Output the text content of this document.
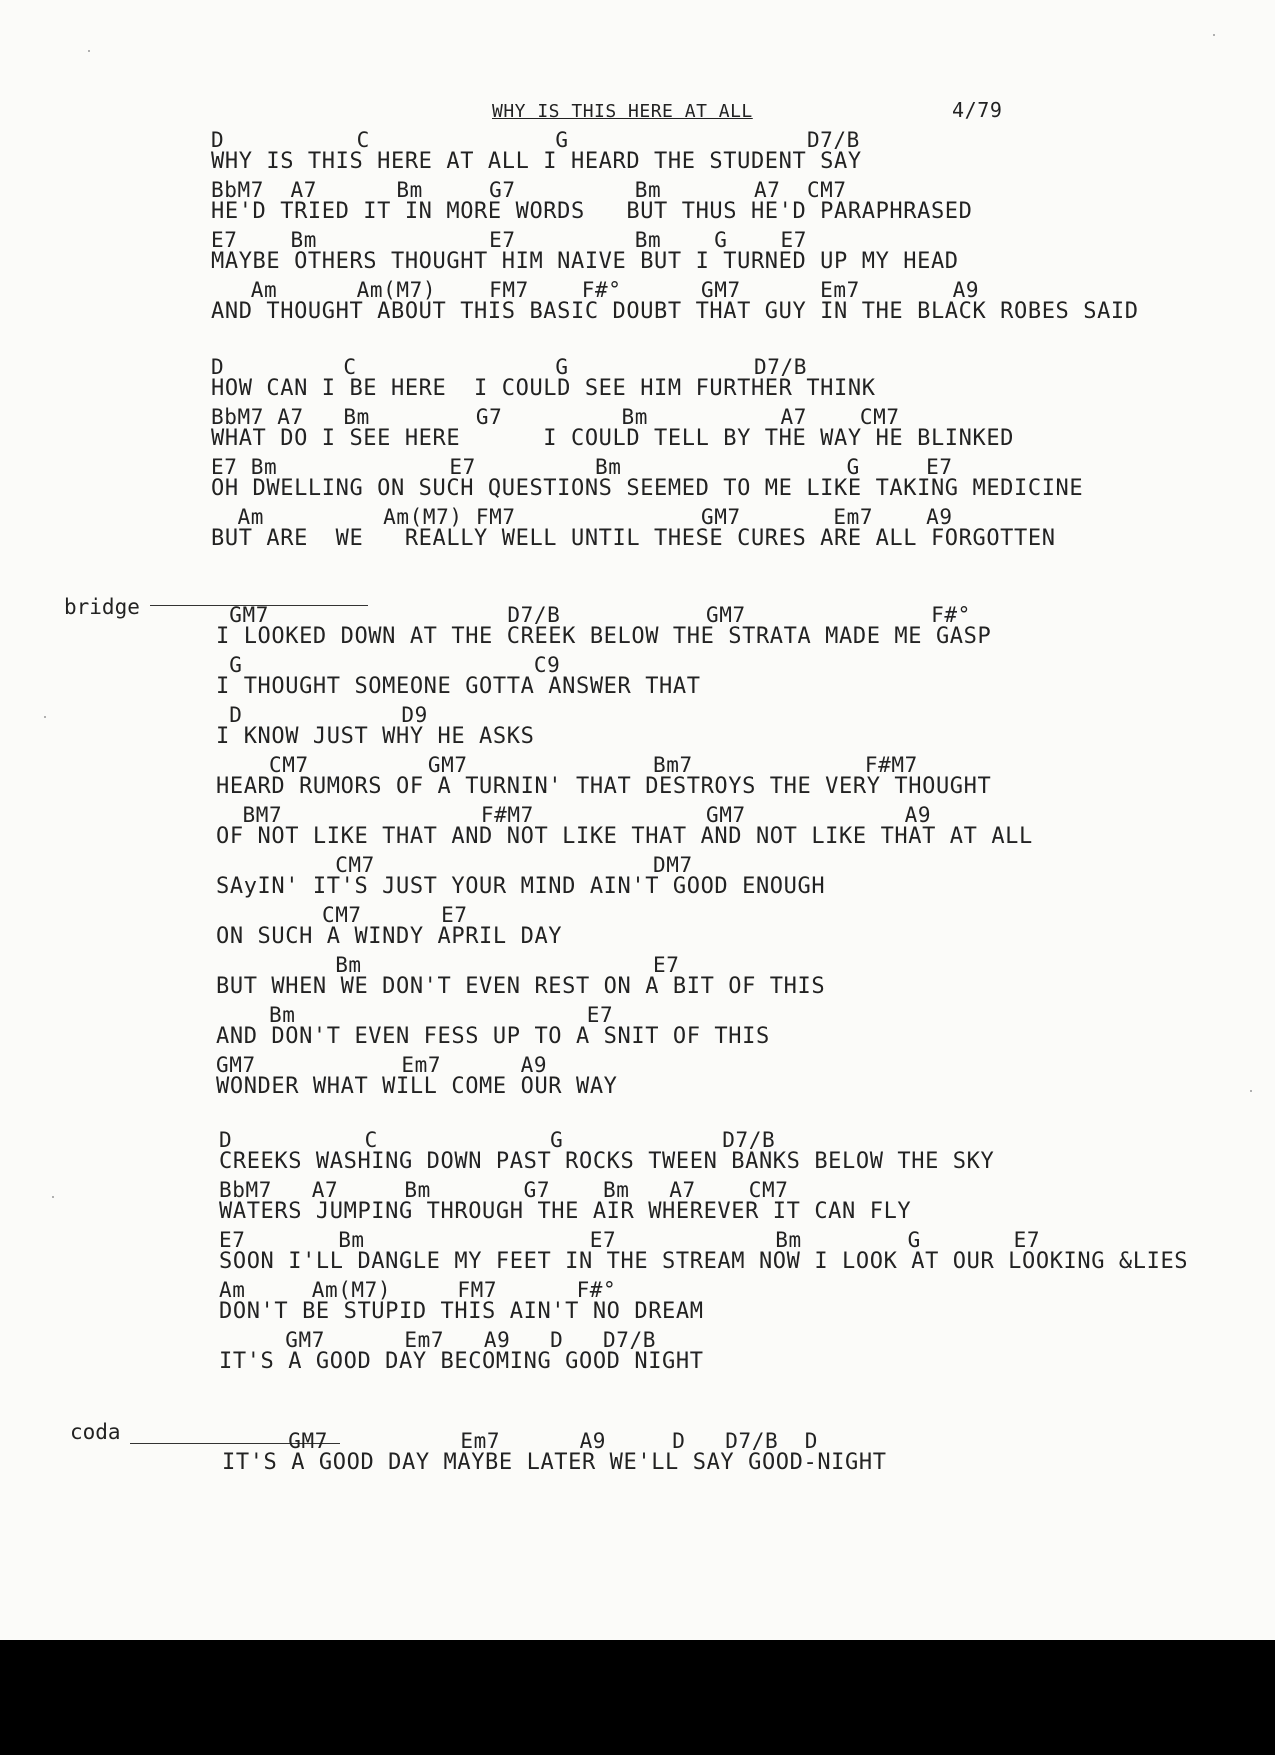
WHY IS THIS HERE AT ALL	4/79
bridge
coda
D          C              G                  D7/B
WHY IS THIS HERE AT ALL I HEARD THE STUDENT SAY
BbM7  A7      Bm     G7         Bm       A7  CM7
HE'D TRIED IT IN MORE WORDS   BUT THUS HE'D PARAPHRASED
E7    Bm             E7         Bm    G    E7
MAYBE OTHERS THOUGHT HIM NAIVE BUT I TURNED UP MY HEAD
Am      Am(M7)    FM7    F#°      GM7      Em7       A9
AND THOUGHT ABOUT THIS BASIC DOUBT THAT GUY IN THE BLACK ROBES SAID
D         C               G              D7/B
HOW CAN I BE HERE  I COULD SEE HIM FURTHER THINK
BbM7 A7   Bm        G7         Bm          A7    CM7
WHAT DO I SEE HERE      I COULD TELL BY THE WAY HE BLINKED
E7 Bm             E7         Bm                 G     E7
OH DWELLING ON SUCH QUESTIONS SEEMED TO ME LIKE TAKING MEDICINE
Am         Am(M7) FM7              GM7       Em7    A9
BUT ARE  WE   REALLY WELL UNTIL THESE CURES ARE ALL FORGOTTEN
GM7                  D7/B           GM7              F#°
I LOOKED DOWN AT THE CREEK BELOW THE STRATA MADE ME GASP
G                      C9
I THOUGHT SOMEONE GOTTA ANSWER THAT
D            D9
I KNOW JUST WHY HE ASKS
CM7         GM7              Bm7             F#M7
HEARD RUMORS OF A TURNIN' THAT DESTROYS THE VERY THOUGHT
BM7               F#M7             GM7            A9
OF NOT LIKE THAT AND NOT LIKE THAT AND NOT LIKE THAT AT ALL
CM7                     DM7
SAyIN' IT'S JUST YOUR MIND AIN'T GOOD ENOUGH
CM7      E7
ON SUCH A WINDY APRIL DAY
Bm                      E7
BUT WHEN WE DON'T EVEN REST ON A BIT OF THIS
Bm                      E7
AND DON'T EVEN FESS UP TO A SNIT OF THIS
GM7           Em7      A9
WONDER WHAT WILL COME OUR WAY
D          C             G            D7/B
CREEKS WASHING DOWN PAST ROCKS TWEEN BANKS BELOW THE SKY
BbM7   A7     Bm       G7    Bm   A7    CM7
WATERS JUMPING THROUGH THE AIR WHEREVER IT CAN FLY
E7       Bm                 E7            Bm        G       E7
SOON I'LL DANGLE MY FEET IN THE STREAM NOW I LOOK AT OUR LOOKING &LIES
Am     Am(M7)     FM7      F#°
DON'T BE STUPID THIS AIN'T NO DREAM
GM7      Em7   A9   D   D7/B
IT'S A GOOD DAY BECOMING GOOD NIGHT
GM7          Em7      A9     D   D7/B  D
IT'S A GOOD DAY MAYBE LATER WE'LL SAY GOOD-NIGHT
